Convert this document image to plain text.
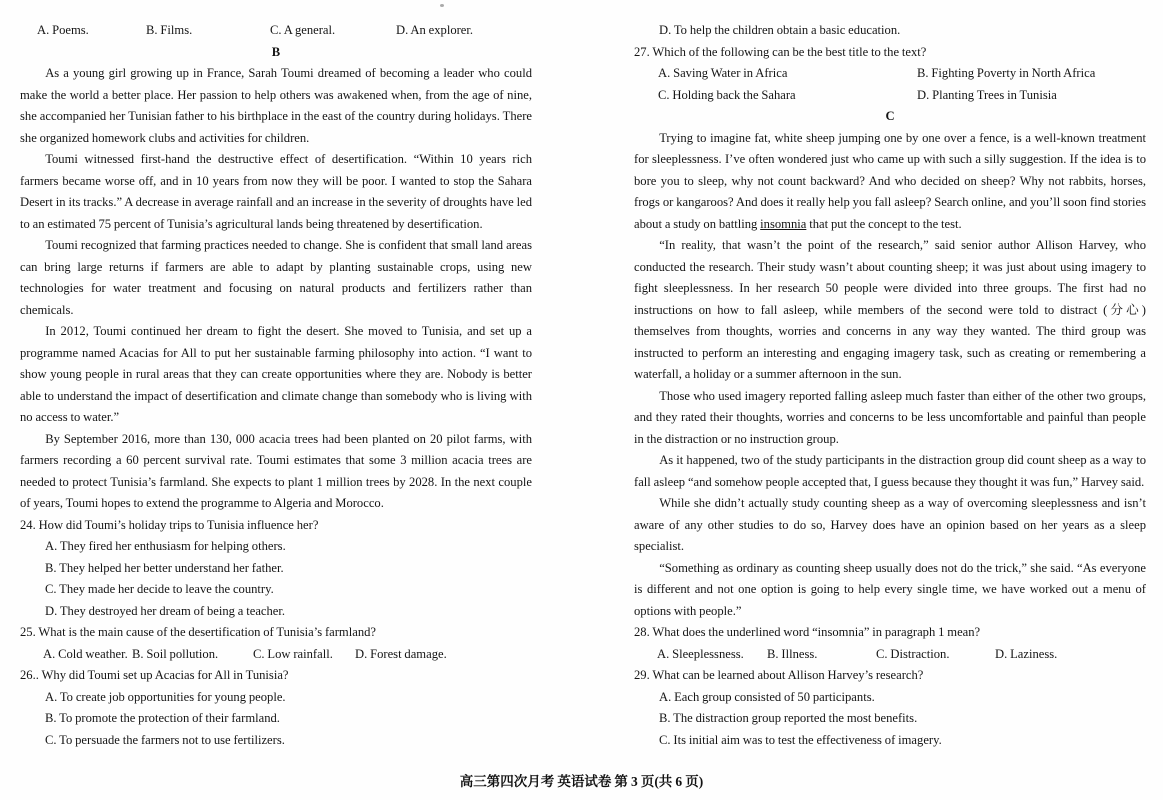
A. Poems.	B. Films.	C. A general.	D. An explorer.
B

As a young girl growing up in France, Sarah Toumi dreamed of becoming a leader who could make the world a better place. Her passion to help others was awakened when, from the age of nine, she accompanied her Tunisian father to his birthplace in the east of the country during holidays. There she organized homework clubs and activities for children.

Toumi witnessed first-hand the destructive effect of desertification. “Within 10 years rich farmers became worse off, and in 10 years from now they will be poor. I wanted to stop the Sahara Desert in its tracks.” A decrease in average rainfall and an increase in the severity of droughts have led to an estimated 75 percent of Tunisia’s agricultural lands being threatened by desertification.

Toumi recognized that farming practices needed to change. She is confident that small land areas can bring large returns if farmers are able to adapt by planting sustainable crops, using new technologies for water treatment and focusing on natural products and fertilizers rather than chemicals.

In 2012, Toumi continued her dream to fight the desert. She moved to Tunisia, and set up a programme named Acacias for All to put her sustainable farming philosophy into action. “I want to show young people in rural areas that they can create opportunities where they are. Nobody is better able to understand the impact of desertification and climate change than somebody who is living with no access to water.”

By September 2016, more than 130, 000 acacia trees had been planted on 20 pilot farms, with farmers recording a 60 percent survival rate. Toumi estimates that some 3 million acacia trees are needed to protect Tunisia’s farmland. She expects to plant 1 million trees by 2028. In the next couple of years, Toumi hopes to extend the programme to Algeria and Morocco.

24. How did Toumi’s holiday trips to Tunisia influence her?
A. They fired her enthusiasm for helping others.
B. They helped her better understand her father.
C. They made her decide to leave the country.
D. They destroyed her dream of being a teacher.
25. What is the main cause of the desertification of Tunisia’s farmland?
A. Cold weather. B. Soil pollution.	C. Low rainfall. D. Forest damage.
26.. Why did Toumi set up Acacias for All in Tunisia?
A. To create job opportunities for young people.
B. To promote the protection of their farmland.
C. To persuade the farmers not to use fertilizers.
D. To help the children obtain a basic education.
27. Which of the following can be the best title to the text?
A. Saving Water in Africa	B. Fighting Poverty in North Africa
C. Holding back the Sahara	D. Planting Trees in Tunisia
C

Trying to imagine fat, white sheep jumping one by one over a fence, is a well-known treatment for sleeplessness. I’ve often wondered just who came up with such a silly suggestion. If the idea is to bore you to sleep, why not count backward? And who decided on sheep? Why not rabbits, horses, frogs or kangaroos? And does it really help you fall asleep? Search online, and you’ll soon find stories about a study on battling insomnia that put the concept to the test.

“In reality, that wasn’t the point of the research,” said senior author Allison Harvey, who conducted the research. Their study wasn’t about counting sheep; it was just about using imagery to fight sleeplessness. In her research 50 people were divided into three groups. The first had no instructions on how to fall asleep, while members of the second were told to distract (分心) themselves from thoughts, worries and concerns in any way they wanted. The third group was instructed to perform an interesting and engaging imagery task, such as creating or remembering a waterfall, a holiday or a summer afternoon in the sun.

Those who used imagery reported falling asleep much faster than either of the other two groups, and they rated their thoughts, worries and concerns to be less uncomfortable and painful than people in the distraction or no instruction group.

As it happened, two of the study participants in the distraction group did count sheep as a way to fall asleep “and somehow people accepted that, I guess because they thought it was fun,” Harvey said.

While she didn’t actually study counting sheep as a way of overcoming sleeplessness and isn’t aware of any other studies to do so, Harvey does have an opinion based on her years as a sleep specialist.

“Something as ordinary as counting sheep usually does not do the trick,” she said. “As everyone is different and not one option is going to help every single time, we have worked out a menu of options with people.”

28. What does the underlined word “insomnia” in paragraph 1 mean?
A. Sleeplessness. B. Illness.	C. Distraction.	D. Laziness.
29. What can be learned about Allison Harvey’s research?
A. Each group consisted of 50 participants.
B. The distraction group reported the most benefits.
C. Its initial aim was to test the effectiveness of imagery.
高三第四次月考 英语试卷 第 3 页(共 6 页)
